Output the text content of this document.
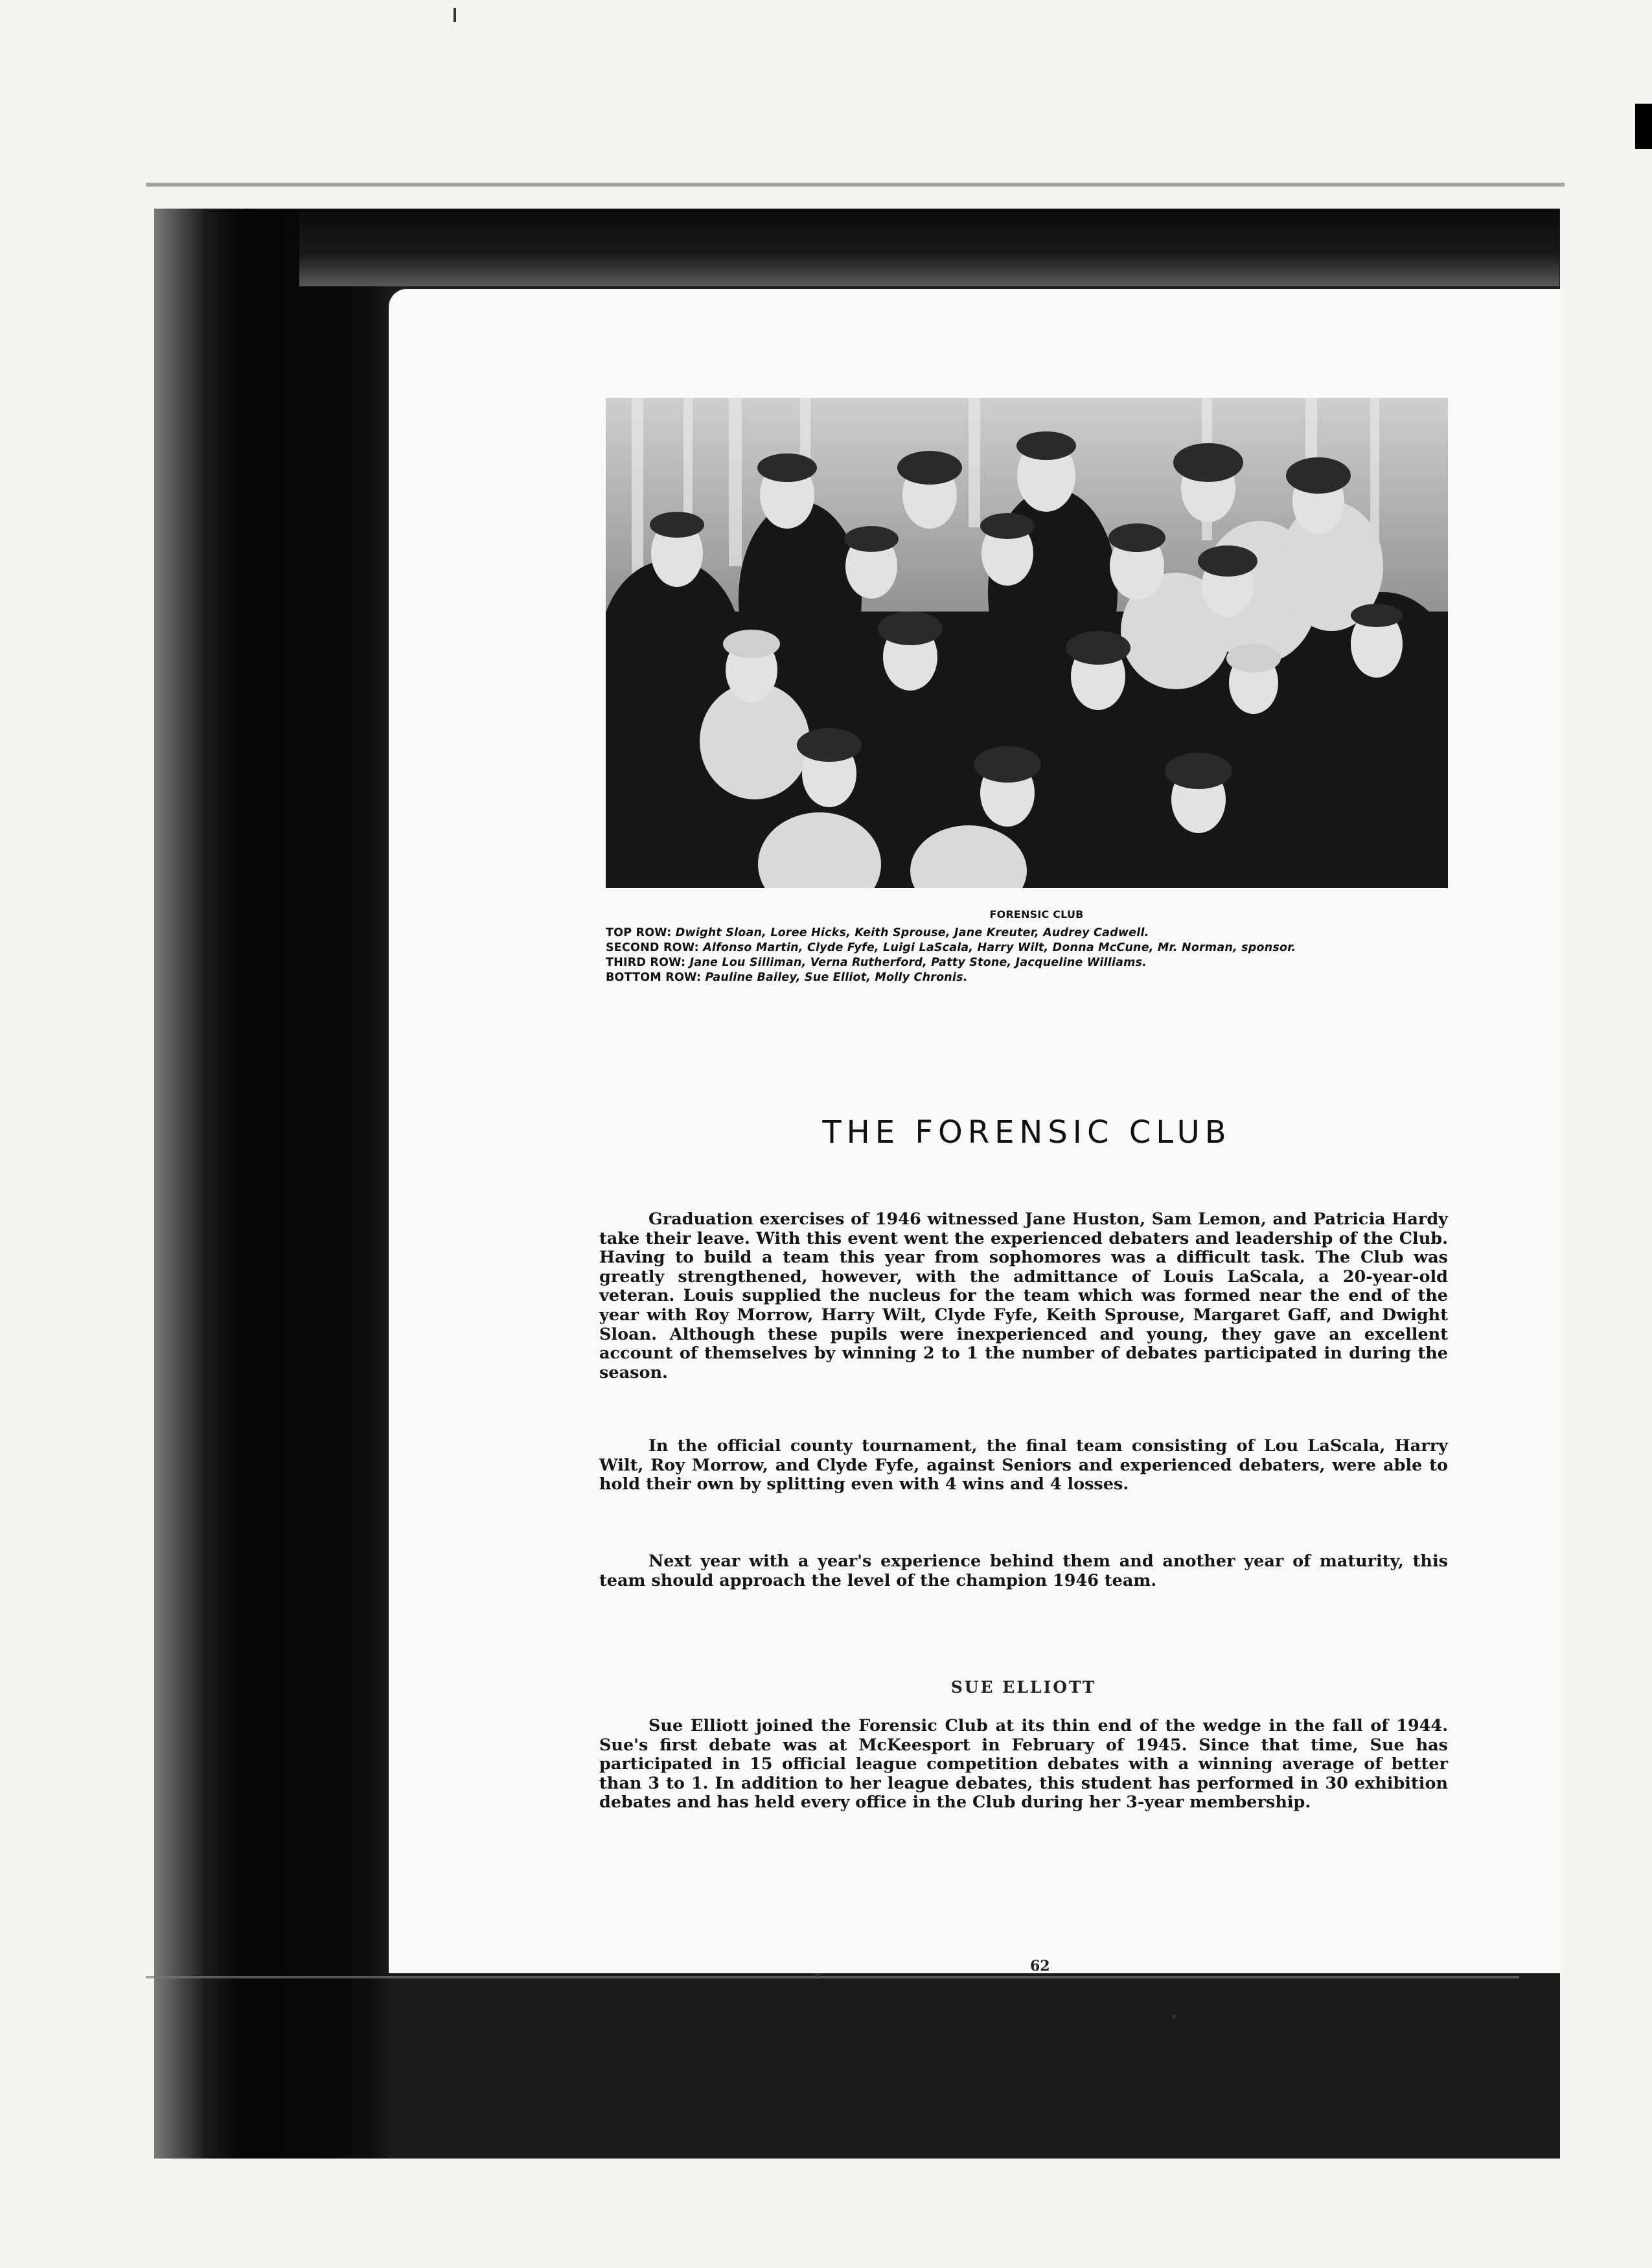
FORENSIC CLUB
TOP ROW: Dwight Sloan, Loree Hicks, Keith Sprouse, Jane Kreuter, Audrey Cadwell.
SECOND ROW: Alfonso Martin, Clyde Fyfe, Luigi LaScala, Harry Wilt, Donna McCune, Mr. Norman, sponsor.
THIRD ROW: Jane Lou Silliman, Verna Rutherford, Patty Stone, Jacqueline Williams.
BOTTOM ROW: Pauline Bailey, Sue Elliot, Molly Chronis.
THE FORENSIC CLUB

Graduation exercises of 1946 witnessed Jane Huston, Sam Lemon, and Patricia Hardy take their leave. With this event went the experienced debaters and leadership of the Club. Having to build a team this year from sophomores was a difficult task. The Club was greatly strengthened, however, with the admittance of Louis LaScala, a 20-year-old veteran. Louis supplied the nucleus for the team which was formed near the end of the year with Roy Morrow, Harry Wilt, Clyde Fyfe, Keith Sprouse, Margaret Gaff, and Dwight Sloan. Although these pupils were inexperienced and young, they gave an excellent account of themselves by winning 2 to 1 the number of debates participated in during the season.

In the official county tournament, the final team consisting of Lou LaScala, Harry Wilt, Roy Morrow, and Clyde Fyfe, against Seniors and experienced debaters, were able to hold their own by splitting even with 4 wins and 4 losses.

Next year with a year's experience behind them and another year of maturity, this team should approach the level of the champion 1946 team.

SUE ELLIOTT

Sue Elliott joined the Forensic Club at its thin end of the wedge in the fall of 1944. Sue's first debate was at McKeesport in February of 1945. Since that time, Sue has participated in 15 official league competition debates with a winning average of better than 3 to 1. In addition to her league debates, this student has performed in 30 exhibition debates and has held every office in the Club during her 3-year membership.

62
